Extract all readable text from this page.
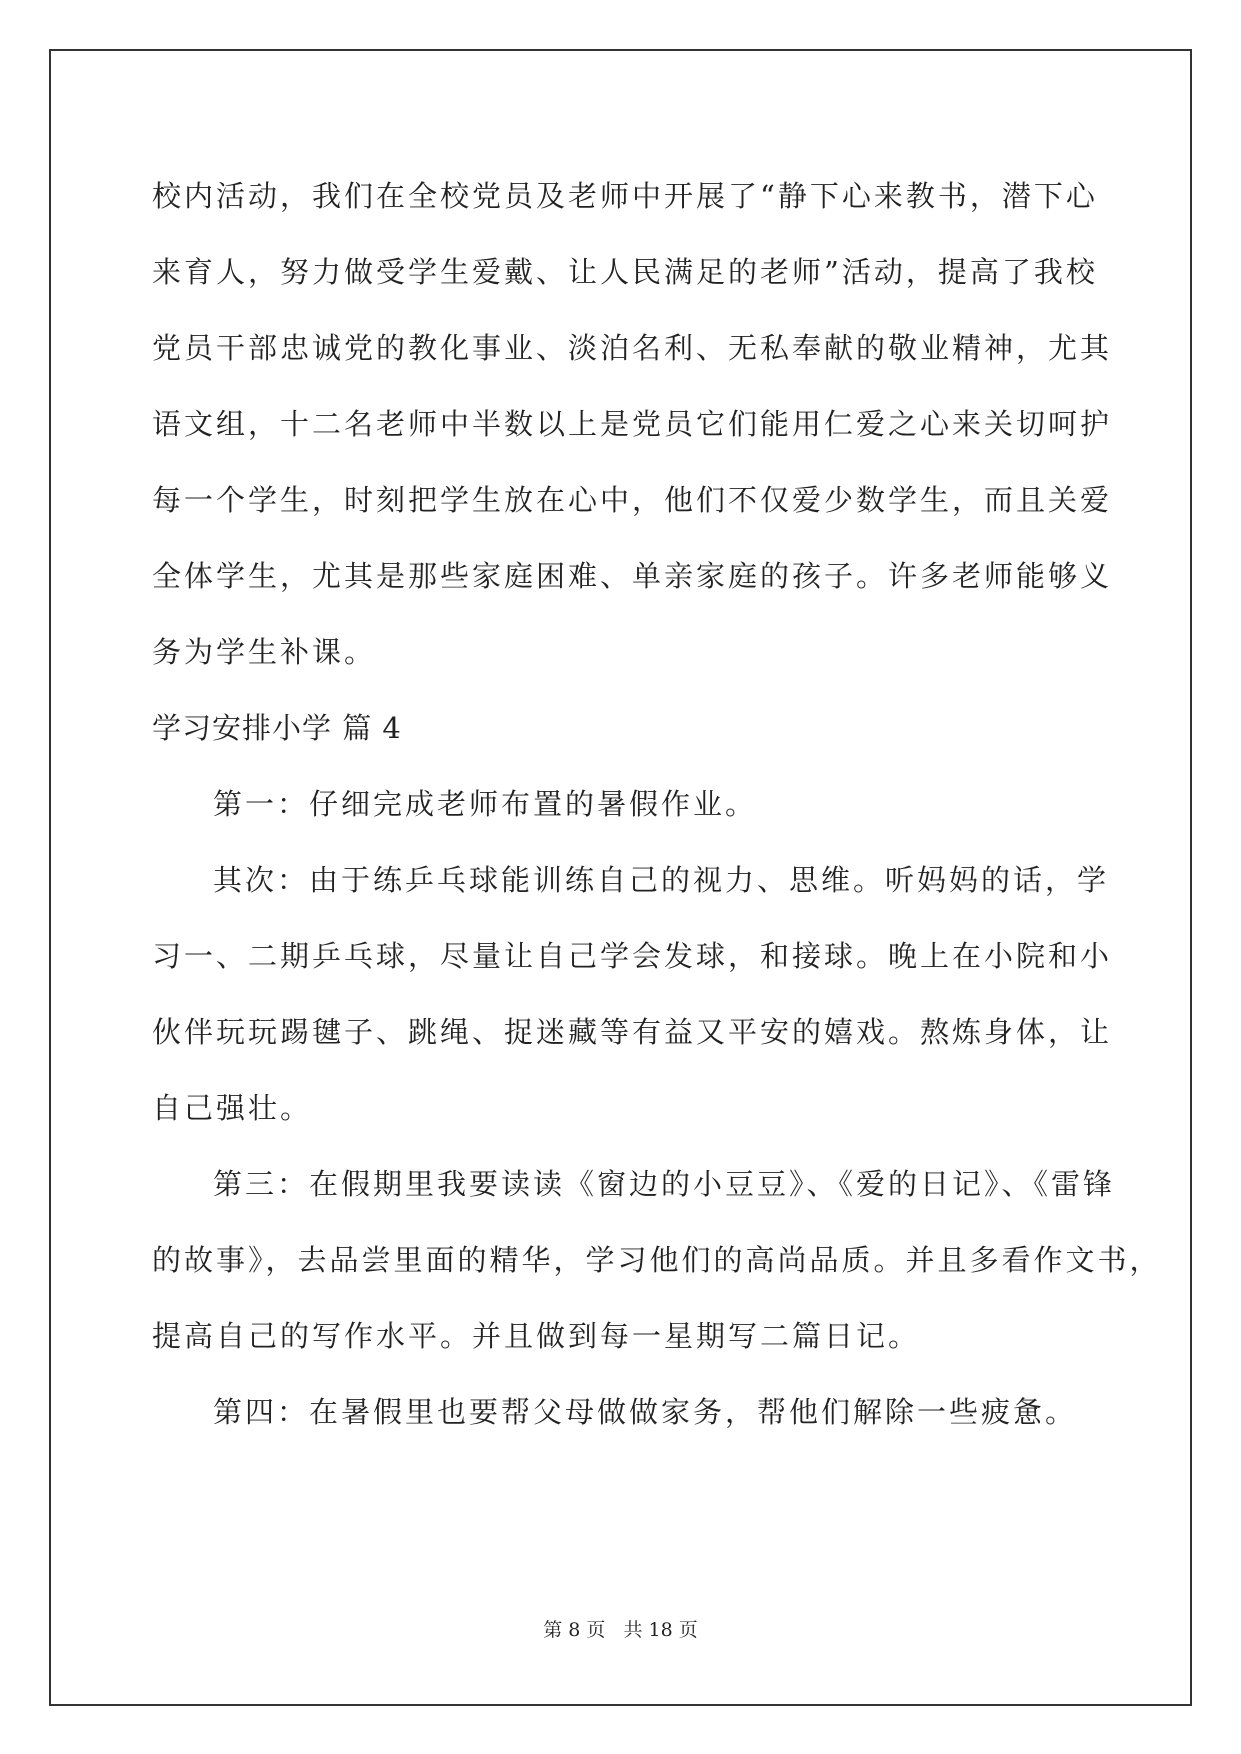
校内活动，我们在全校党员及老师中开展了“静下心来教书，潜下心
来育人，努力做受学生爱戴、让人民满足的老师”活动，提高了我校
党员干部忠诚党的教化事业、淡泊名利、无私奉献的敬业精神，尤其
语文组，十二名老师中半数以上是党员它们能用仁爱之心来关切呵护
每一个学生，时刻把学生放在心中，他们不仅爱少数学生，而且关爱
全体学生，尤其是那些家庭困难、单亲家庭的孩子。许多老师能够义
务为学生补课。
学习安排小学 篇 4
第一：仔细完成老师布置的暑假作业。
其次：由于练乒乓球能训练自己的视力、思维。听妈妈的话，学
习一、二期乒乓球，尽量让自己学会发球，和接球。晚上在小院和小
伙伴玩玩踢毽子、跳绳、捉迷藏等有益又平安的嬉戏。熬炼身体，让
自己强壮。
第三：在假期里我要读读《窗边的小豆豆》、《爱的日记》、《雷锋
的故事》，去品尝里面的精华，学习他们的高尚品质。并且多看作文书，
提高自己的写作水平。并且做到每一星期写二篇日记。
第四：在暑假里也要帮父母做做家务，帮他们解除一些疲惫。
第 8 页 共 18 页
